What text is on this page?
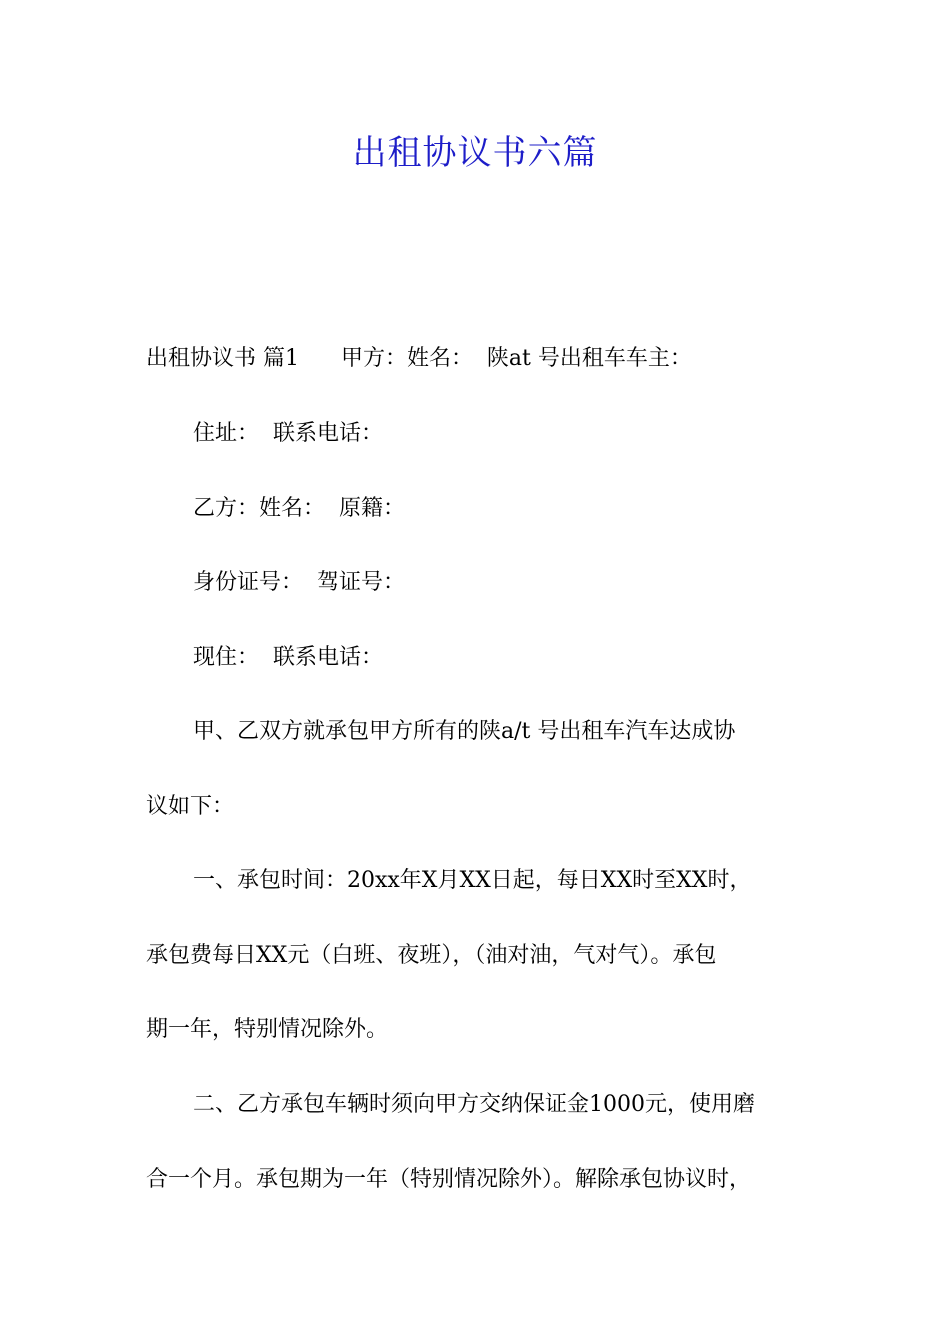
出租协议书六篇

出租协议书 篇1      甲方：姓名：  陕at 号出租车车主：

住址：  联系电话：

乙方：姓名：  原籍：

身份证号：  驾证号：

现住：  联系电话：

甲、乙双方就承包甲方所有的陕a/t 号出租车汽车达成协

议如下：

一、承包时间：20xx年X月XX日起，每日XX时至XX时，

承包费每日XX元（白班、夜班），（油对油，气对气）。承包

期一年，特别情况除外。

二、乙方承包车辆时须向甲方交纳保证金1000元，使用磨

合一个月。承包期为一年（特别情况除外）。解除承包协议时，
